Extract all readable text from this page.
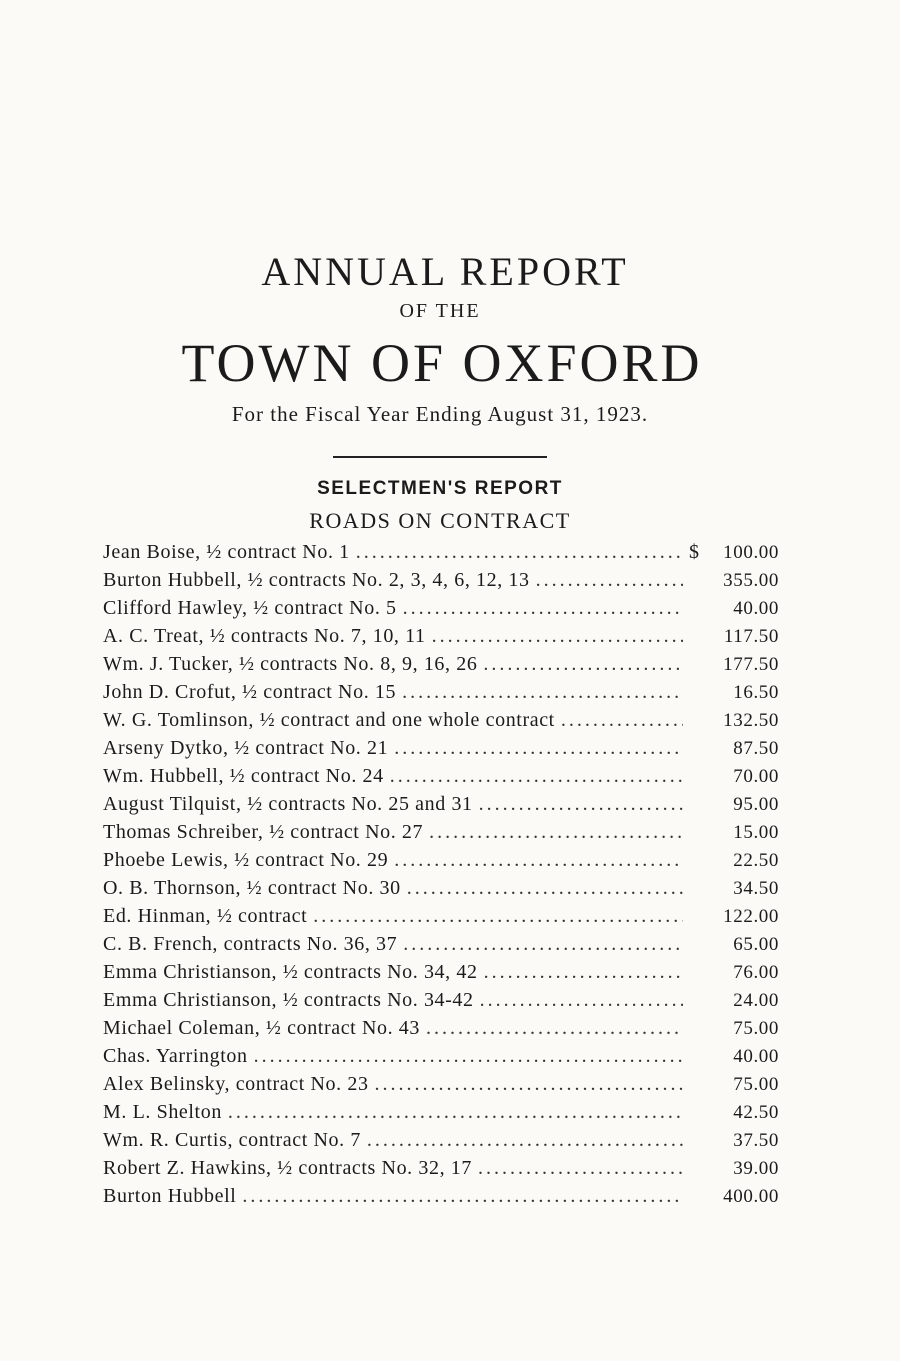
ANNUAL REPORT
OF THE
TOWN OF OXFORD
For the Fiscal Year Ending August 31, 1923.
SELECTMEN'S REPORT
ROADS ON CONTRACT
Jean Boise, ½ contract No. 1 . . .	$	100.00
Burton Hubbell, ½ contracts No. 2, 3, 4, 6, 12, 13 . . .	355.00
Clifford Hawley, ½ contract No. 5 . . .	40.00
A. C. Treat, ½ contracts No. 7, 10, 11 . . .	117.50
Wm. J. Tucker, ½ contracts No. 8, 9, 16, 26 . . .	177.50
John D. Crofut, ½ contract No. 15 . . .	16.50
W. G. Tomlinson, ½ contract and one whole contract . . .	132.50
Arseny Dytko, ½ contract No. 21 . . .	87.50
Wm. Hubbell, ½ contract No. 24 . . .	70.00
August Tilquist, ½ contracts No. 25 and 31 . . .	95.00
Thomas Schreiber, ½ contract No. 27 . . .	15.00
Phoebe Lewis, ½ contract No. 29 . . .	22.50
O. B. Thornson, ½ contract No. 30 . . .	34.50
Ed. Hinman, ½ contract . . .	122.00
C. B. French, contracts No. 36, 37 . . .	65.00
Emma Christianson, ½ contracts No. 34, 42 . . .	76.00
Emma Christianson, ½ contracts No. 34-42 . . .	24.00
Michael Coleman, ½ contract No. 43 . . .	75.00
Chas. Yarrington . . .	40.00
Alex Belinsky, contract No. 23 . . .	75.00
M. L. Shelton . . .	42.50
Wm. R. Curtis, contract No. 7 . . .	37.50
Robert Z. Hawkins, ½ contracts No. 32, 17 . . .	39.00
Burton Hubbell . . .	400.00
